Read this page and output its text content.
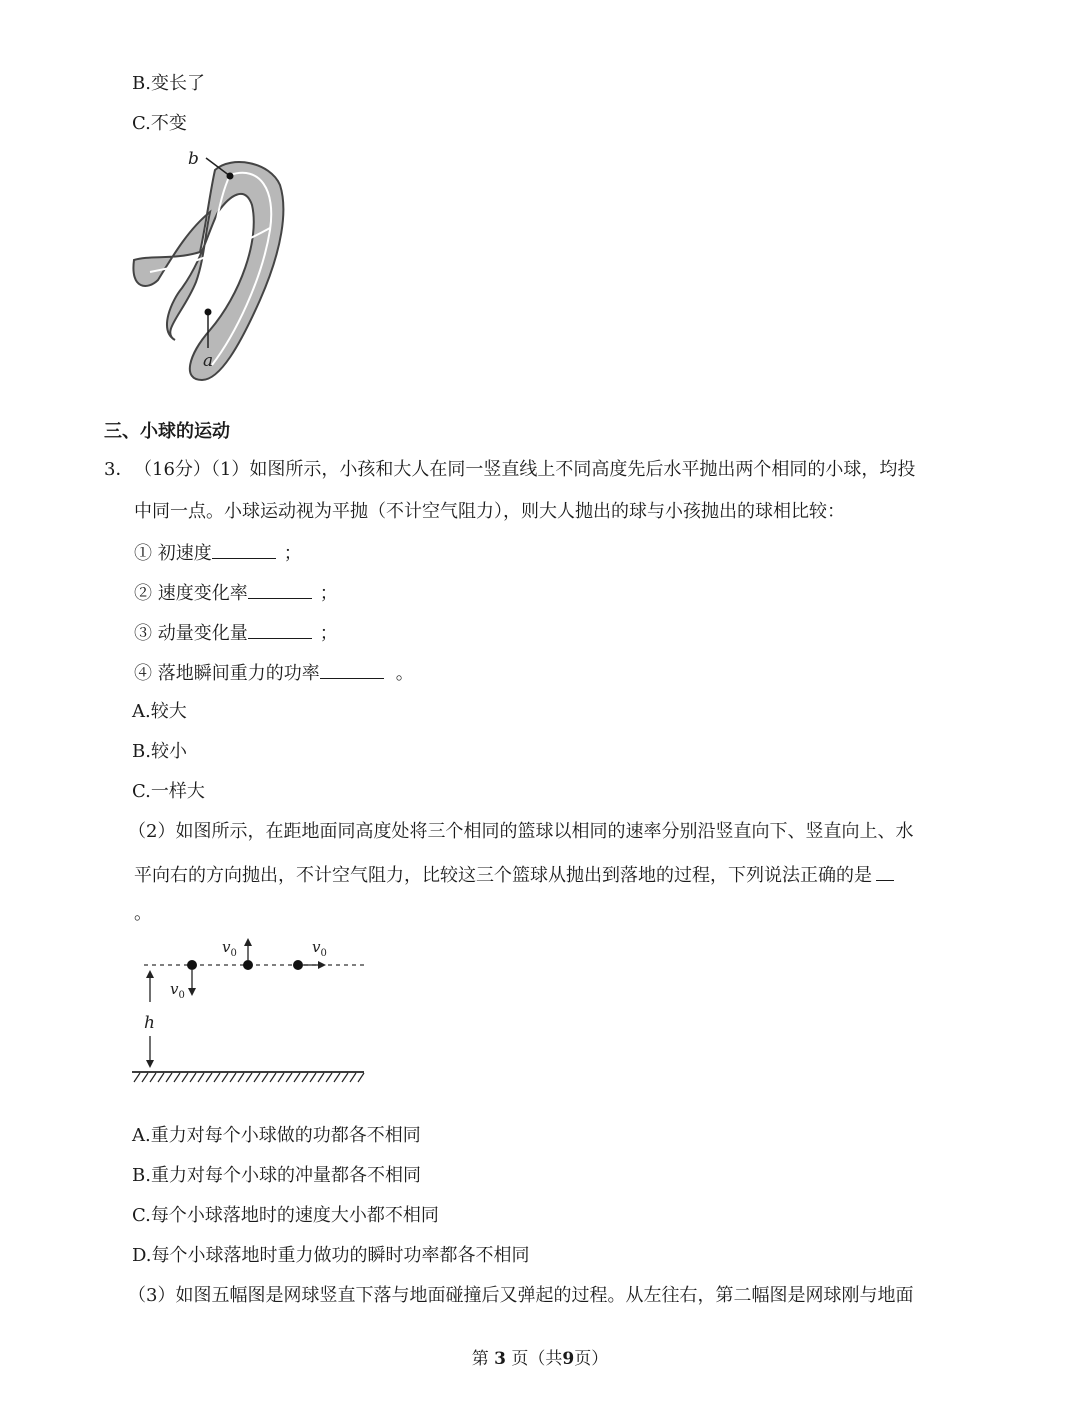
B.变长了
C.不变
b
a
三、小球的运动
3． （16分）（1）如图所示，小孩和大人在同一竖直线上不同高度先后水平抛出两个相同的小球，均投
中同一点。小球运动视为平抛（不计空气阻力），则大人抛出的球与小孩抛出的球相比较：
① 初速度	；
② 速度变化率	；
③ 动量变化量	；
④ 落地瞬间重力的功率	。
A.较大
B.较小
C.一样大
（2）如图所示，在距地面同高度处将三个相同的篮球以相同的速率分别沿竖直向下、竖直向上、水
平向右的方向抛出，不计空气阻力，比较这三个篮球从抛出到落地的过程，下列说法正确的是
。
h
$v_0$
$v_0$	$v_0$
A.重力对每个小球做的功都各不相同
B.重力对每个小球的冲量都各不相同
C.每个小球落地时的速度大小都不相同
D.每个小球落地时重力做功的瞬时功率都各不相同
（3）如图五幅图是网球竖直下落与地面碰撞后又弹起的过程。从左往右，第二幅图是网球刚与地面
第 3 页（共9页）
